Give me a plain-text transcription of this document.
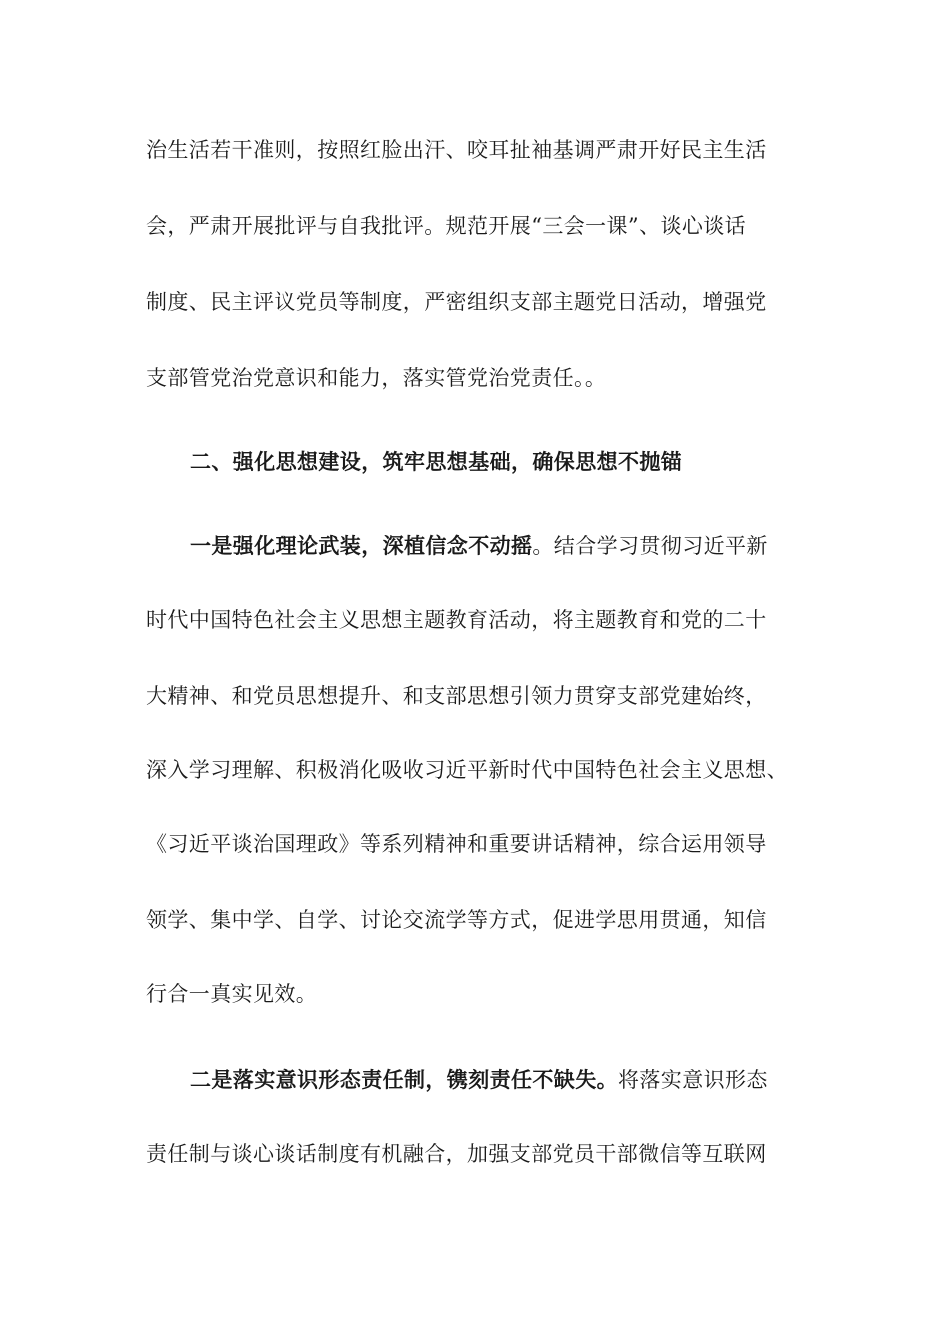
治生活若干准则，按照红脸出汗、咬耳扯袖基调严肃开好民主生活
会，严肃开展批评与自我批评。规范开展“三会一课”、谈心谈话
制度、民主评议党员等制度，严密组织支部主题党日活动，增强党
支部管党治党意识和能力，落实管党治党责任。。
二、强化思想建设，筑牢思想基础，确保思想不抛锚
一是强化理论武装，深植信念不动摇。结合学习贯彻习近平新
时代中国特色社会主义思想主题教育活动，将主题教育和党的二十
大精神、和党员思想提升、和支部思想引领力贯穿支部党建始终，
深入学习理解、积极消化吸收习近平新时代中国特色社会主义思想、
《习近平谈治国理政》等系列精神和重要讲话精神，综合运用领导
领学、集中学、自学、讨论交流学等方式，促进学思用贯通，知信
行合一真实见效。
二是落实意识形态责任制，镌刻责任不缺失。将落实意识形态
责任制与谈心谈话制度有机融合，加强支部党员干部微信等互联网
